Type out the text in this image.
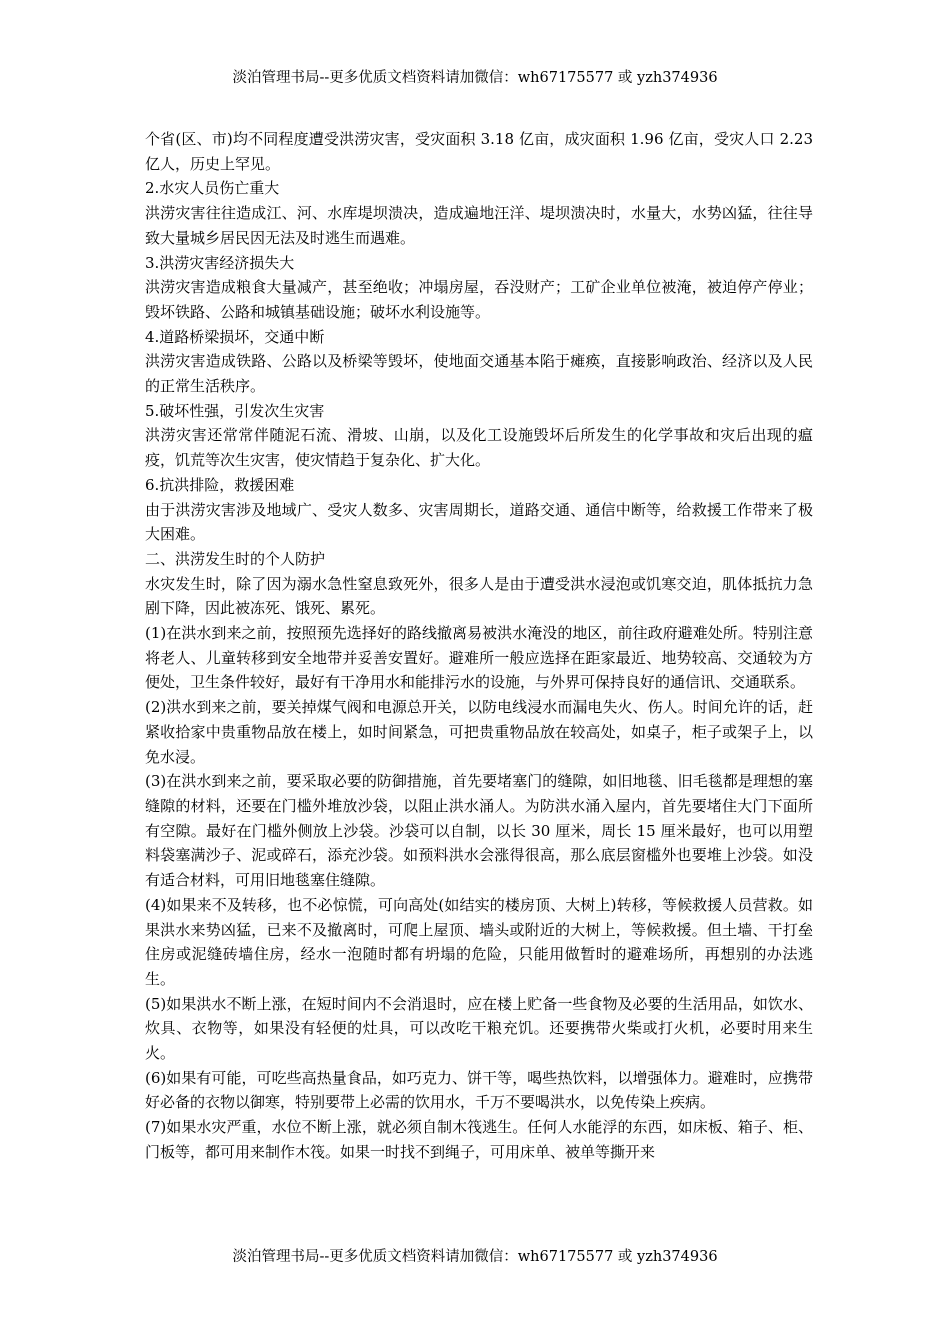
淡泊管理书局--更多优质文档资料请加微信：wh67175577 或 yzh374936

个省(区、市)均不同程度遭受洪涝灾害，受灾面积 3.18 亿亩，成灾面积 1.96 亿亩，受灾人口 2.23 亿人，历史上罕见。

2.水灾人员伤亡重大

洪涝灾害往往造成江、河、水库堤坝溃决，造成遍地汪洋、堤坝溃决时，水量大，水势凶猛，往往导致大量城乡居民因无法及时逃生而遇难。

3.洪涝灾害经济损失大

洪涝灾害造成粮食大量减产，甚至绝收；冲塌房屋，吞没财产；工矿企业单位被淹，被迫停产停业；毁坏铁路、公路和城镇基础设施；破坏水利设施等。

4.道路桥梁损坏，交通中断

洪涝灾害造成铁路、公路以及桥梁等毁坏，使地面交通基本陷于瘫痪，直接影响政治、经济以及人民的正常生活秩序。

5.破坏性强，引发次生灾害

洪涝灾害还常常伴随泥石流、滑坡、山崩，以及化工设施毁坏后所发生的化学事故和灾后出现的瘟疫，饥荒等次生灾害，使灾情趋于复杂化、扩大化。

6.抗洪排险，救援困难

由于洪涝灾害涉及地域广、受灾人数多、灾害周期长，道路交通、通信中断等，给救援工作带来了极大困难。

二、洪涝发生时的个人防护

水灾发生时，除了因为溺水急性窒息致死外，很多人是由于遭受洪水浸泡或饥寒交迫，肌体抵抗力急剧下降，因此被冻死、饿死、累死。

(1)在洪水到来之前，按照预先选择好的路线撤离易被洪水淹没的地区，前往政府避难处所。特别注意将老人、儿童转移到安全地带并妥善安置好。避难所一般应选择在距家最近、地势较高、交通较为方便处，卫生条件较好，最好有干净用水和能排污水的设施，与外界可保持良好的通信讯、交通联系。

(2)洪水到来之前，要关掉煤气阀和电源总开关，以防电线浸水而漏电失火、伤人。时间允许的话，赶紧收拾家中贵重物品放在楼上，如时间紧急，可把贵重物品放在较高处，如桌子，柜子或架子上，以免水浸。

(3)在洪水到来之前，要采取必要的防御措施，首先要堵塞门的缝隙，如旧地毯、旧毛毯都是理想的塞缝隙的材料，还要在门槛外堆放沙袋，以阻止洪水涌人。为防洪水涌入屋内，首先要堵住大门下面所有空隙。最好在门槛外侧放上沙袋。沙袋可以自制，以长 30 厘米，周长 15 厘米最好，也可以用塑料袋塞满沙子、泥或碎石，添充沙袋。如预料洪水会涨得很高，那么底层窗槛外也要堆上沙袋。如没有适合材料，可用旧地毯塞住缝隙。

(4)如果来不及转移，也不必惊慌，可向高处(如结实的楼房顶、大树上)转移，等候救援人员营救。如果洪水来势凶猛，已来不及撤离时，可爬上屋顶、墙头或附近的大树上，等候救援。但土墙、干打垒住房或泥缝砖墙住房，经水一泡随时都有坍塌的危险，只能用做暂时的避难场所，再想别的办法逃生。

(5)如果洪水不断上涨，在短时间内不会消退时，应在楼上贮备一些食物及必要的生活用品，如饮水、炊具、衣物等，如果没有轻便的灶具，可以改吃干粮充饥。还要携带火柴或打火机，必要时用来生火。

(6)如果有可能，可吃些高热量食品，如巧克力、饼干等，喝些热饮料，以增强体力。避难时，应携带好必备的衣物以御寒，特别要带上必需的饮用水，千万不要喝洪水，以免传染上疾病。

(7)如果水灾严重，水位不断上涨，就必须自制木筏逃生。任何人水能浮的东西，如床板、箱子、柜、门板等，都可用来制作木筏。如果一时找不到绳子，可用床单、被单等撕开来

淡泊管理书局--更多优质文档资料请加微信：wh67175577 或 yzh374936
